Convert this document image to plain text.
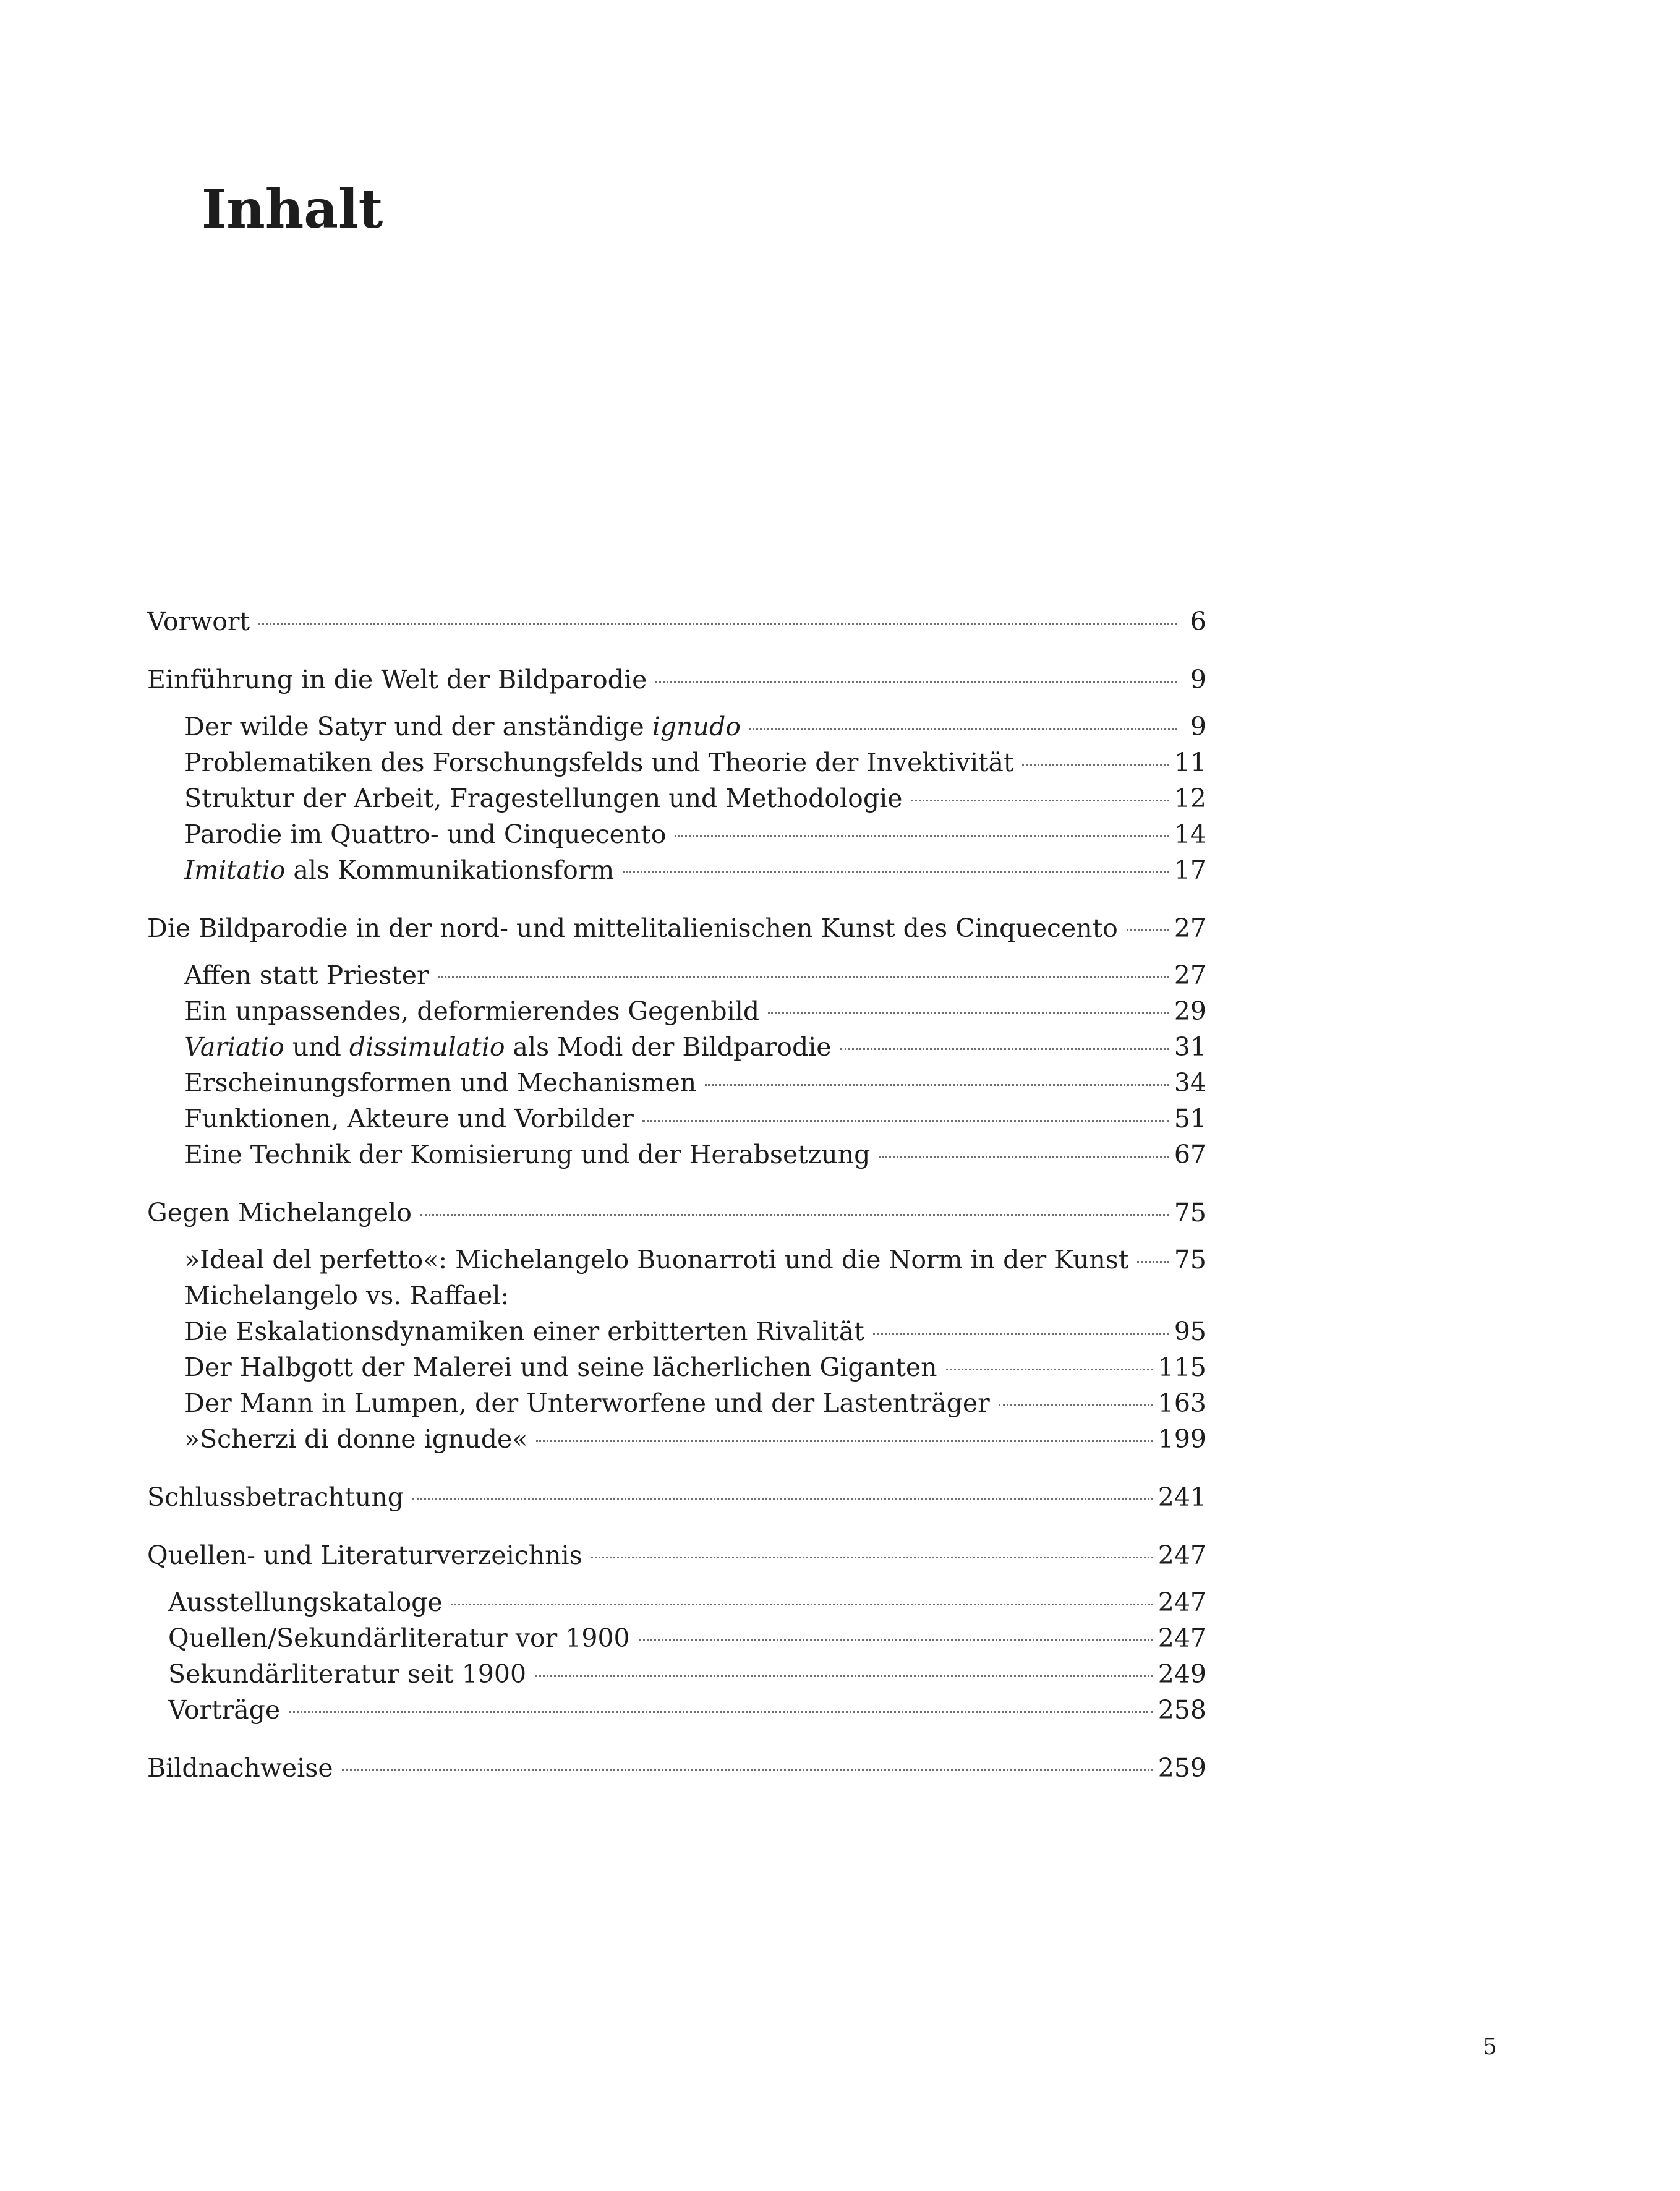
Inhalt
Vorwort	6
Einführung in die Welt der Bildparodie	9
Der wilde Satyr und der anständige ignudo	9
Problematiken des Forschungsfelds und Theorie der Invektivität	11
Struktur der Arbeit, Fragestellungen und Methodologie	12
Parodie im Quattro- und Cinquecento	14
Imitatio als Kommunikationsform	17
Die Bildparodie in der nord- und mittelitalienischen Kunst des Cinquecento 27
Affen statt Priester	27
Ein unpassendes, deformierendes Gegenbild	29
Variatio und dissimulatio als Modi der Bildparodie	31
Erscheinungsformen und Mechanismen	34
Funktionen, Akteure und Vorbilder	51
Eine Technik der Komisierung und der Herabsetzung	67
Gegen Michelangelo	75
»Ideal del perfetto«: Michelangelo Buonarroti und die Norm in der Kunst 75
Michelangelo vs. Raffael:
Die Eskalationsdynamiken einer erbitterten Rivalität	95
Der Halbgott der Malerei und seine lächerlichen Giganten	115
Der Mann in Lumpen, der Unterworfene und der Lastenträger	163
»Scherzi di donne ignude«	199
Schlussbetrachtung	241
Quellen- und Literaturverzeichnis	247
Ausstellungskataloge	247
Quellen/Sekundärliteratur vor 1900	247
Sekundärliteratur seit 1900	249
Vorträge	258
Bildnachweise	259
5
